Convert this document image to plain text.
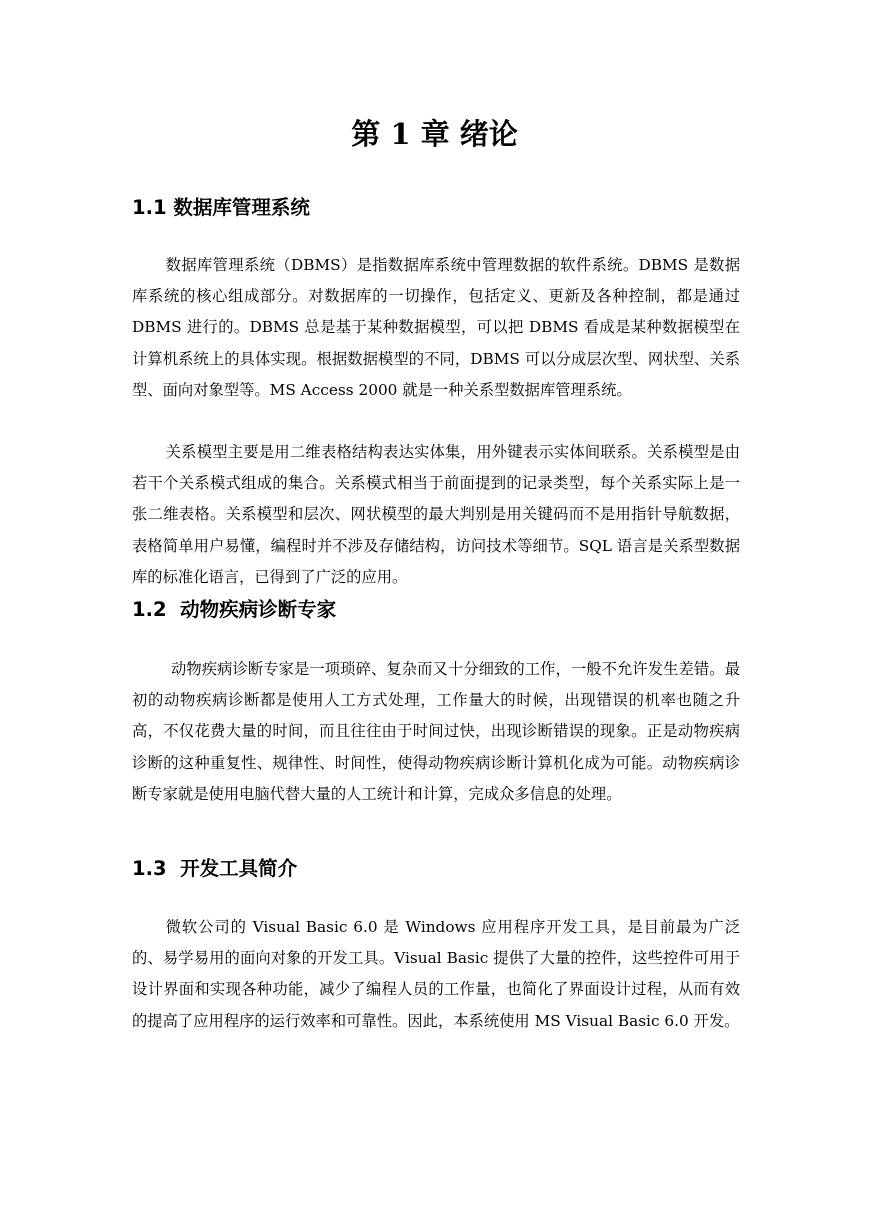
第 1 章 绪论
1.1 数据库管理系统

数据库管理系统（DBMS）是指数据库系统中管理数据的软件系统。DBMS 是数据库系统的核心组成部分。对数据库的一切操作，包括定义、更新及各种控制，都是通过 DBMS 进行的。DBMS 总是基于某种数据模型，可以把 DBMS 看成是某种数据模型在计算机系统上的具体实现。根据数据模型的不同，DBMS 可以分成层次型、网状型、关系型、面向对象型等。MS Access 2000 就是一种关系型数据库管理系统。

关系模型主要是用二维表格结构表达实体集，用外键表示实体间联系。关系模型是由若干个关系模式组成的集合。关系模式相当于前面提到的记录类型，每个关系实际上是一张二维表格。关系模型和层次、网状模型的最大判别是用关键码而不是用指针导航数据，表格简单用户易懂，编程时并不涉及存储结构，访问技术等细节。SQL 语言是关系型数据库的标准化语言，已得到了广泛的应用。

1.2  动物疾病诊断专家

动物疾病诊断专家是一项琐碎、复杂而又十分细致的工作，一般不允许发生差错。最初的动物疾病诊断都是使用人工方式处理，工作量大的时候，出现错误的机率也随之升高，不仅花费大量的时间，而且往往由于时间过快，出现诊断错误的现象。正是动物疾病诊断的这种重复性、规律性、时间性，使得动物疾病诊断计算机化成为可能。动物疾病诊断专家就是使用电脑代替大量的人工统计和计算，完成众多信息的处理。

1.3  开发工具简介

微软公司的 Visual Basic 6.0 是 Windows 应用程序开发工具，是目前最为广泛的、易学易用的面向对象的开发工具。Visual Basic 提供了大量的控件，这些控件可用于设计界面和实现各种功能，减少了编程人员的工作量，也简化了界面设计过程，从而有效的提高了应用程序的运行效率和可靠性。因此，本系统使用 MS Visual Basic 6.0 开发。
